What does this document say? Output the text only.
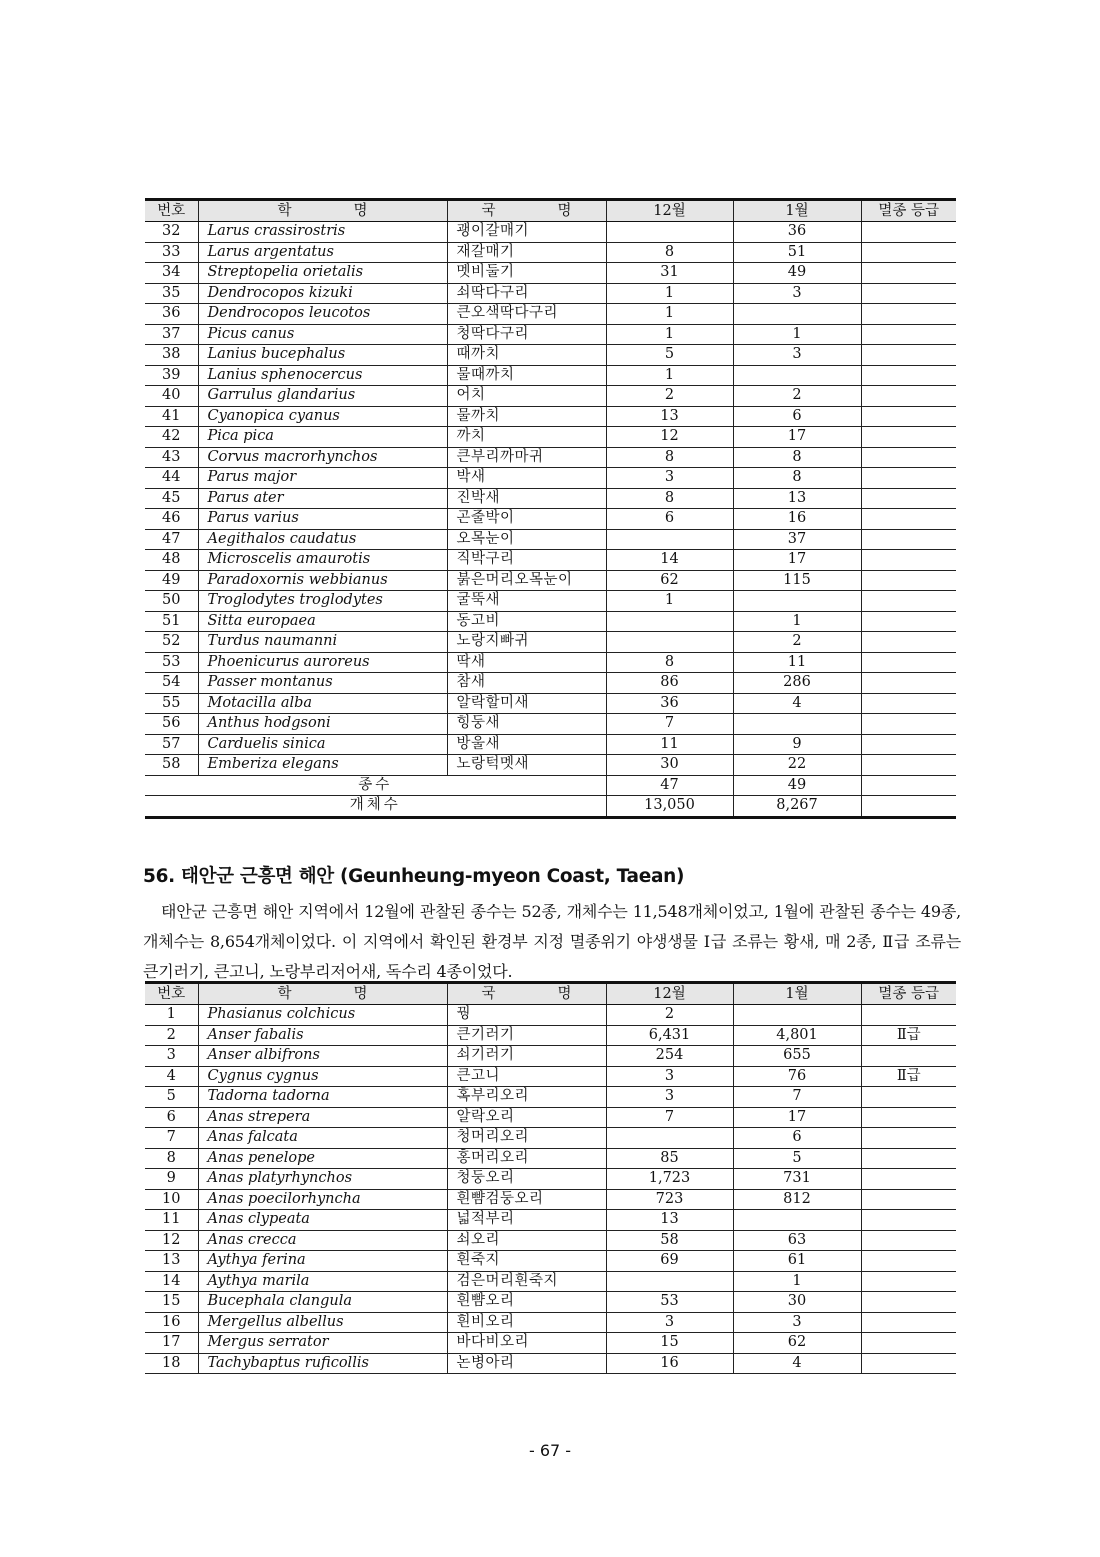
번호	학 명	국 명	12월	1월	멸종 등급
32	Larus crassirostris	괭이갈매기		36	
33	Larus argentatus	재갈매기	8	51	
34	Streptopelia orietalis	멧비둘기	31	49	
35	Dendrocopos kizuki	쇠딱다구리	1	3	
36	Dendrocopos leucotos	큰오색딱다구리	1		
37	Picus canus	청딱다구리	1	1	
38	Lanius bucephalus	때까치	5	3	
39	Lanius sphenocercus	물때까치	1		
40	Garrulus glandarius	어치	2	2	
41	Cyanopica cyanus	물까치	13	6	
42	Pica pica	까치	12	17	
43	Corvus macrorhynchos	큰부리까마귀	8	8	
44	Parus major	박새	3	8	
45	Parus ater	진박새	8	13	
46	Parus varius	곤줄박이	6	16	
47	Aegithalos caudatus	오목눈이		37	
48	Microscelis amaurotis	직박구리	14	17	
49	Paradoxornis webbianus	붉은머리오목눈이	62	115	
50	Troglodytes troglodytes	굴뚝새	1		
51	Sitta europaea	동고비		1	
52	Turdus naumanni	노랑지빠귀		2	
53	Phoenicurus auroreus	딱새	8	11	
54	Passer montanus	참새	86	286	
55	Motacilla alba	알락할미새	36	4	
56	Anthus hodgsoni	힝둥새	7		
57	Carduelis sinica	방울새	11	9	
58	Emberiza elegans	노랑턱멧새	30	22	
종수			47	49	
개체수			13,050	8,267	
56. 태안군 근흥면 해안 (Geunheung-myeon Coast, Taean)

태안군 근흥면 해안 지역에서 12월에 관찰된 종수는 52종, 개체수는 11,548개체이었고, 1월에 관찰된 종수는 49종, 개체수는 8,654개체이었다. 이 지역에서 확인된 환경부 지정 멸종위기 야생생물 Ⅰ급 조류는 황새, 매 2종, Ⅱ급 조류는 큰기러기, 큰고니, 노랑부리저어새, 독수리 4종이었다.

번호	학 명	국 명	12월	1월	멸종 등급
1	Phasianus colchicus	꿩	2		
2	Anser fabalis	큰기러기	6,431	4,801	Ⅱ급
3	Anser albifrons	쇠기러기	254	655	
4	Cygnus cygnus	큰고니	3	76	Ⅱ급
5	Tadorna tadorna	혹부리오리	3	7	
6	Anas strepera	알락오리	7	17	
7	Anas falcata	청머리오리		6	
8	Anas penelope	홍머리오리	85	5	
9	Anas platyrhynchos	청둥오리	1,723	731	
10	Anas poecilorhyncha	흰뺨검둥오리	723	812	
11	Anas clypeata	넓적부리	13		
12	Anas crecca	쇠오리	58	63	
13	Aythya ferina	흰죽지	69	61	
14	Aythya marila	검은머리흰죽지		1	
15	Bucephala clangula	흰뺨오리	53	30	
16	Mergellus albellus	흰비오리	3	3	
17	Mergus serrator	바다비오리	15	62	
18	Tachybaptus ruficollis	논병아리	16	4	
- 67 -
